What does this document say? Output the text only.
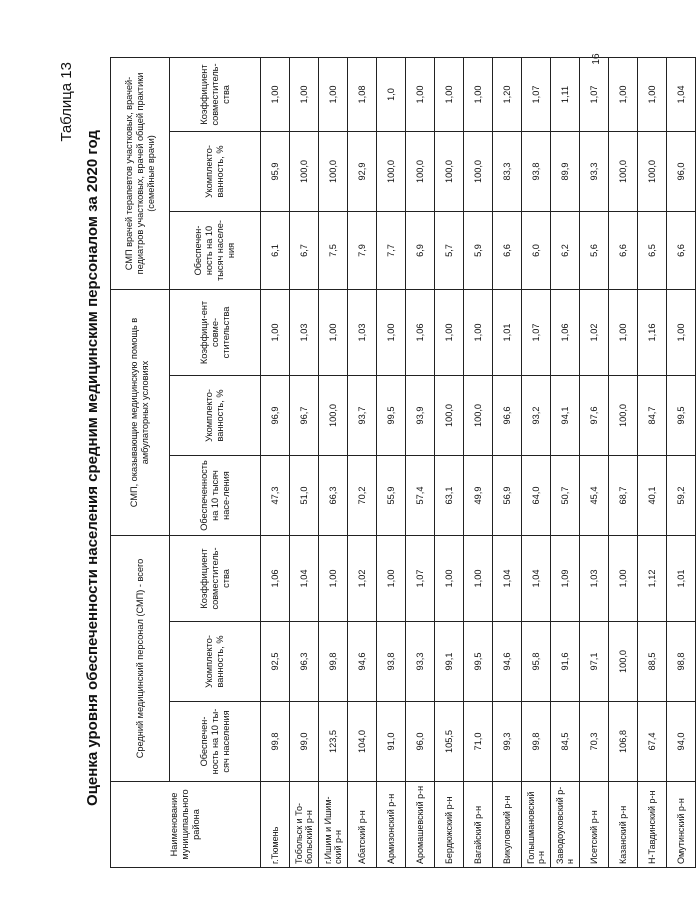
16
Таблица 13
Оценка уровня обеспеченности населения средним медицинским персоналом за 2020 год
Наименование муниципального района	Средний медицинский персонал (СМП) - всего			СМП, оказывающие медицинскую помощь в амбулаторных условиях			СМП врачей терапевтов участковых, врачей-педиатров участковых, врачей общей практики (семейные врачи)		
	Обеспечен-ность на 10 ты-сяч населения	Укомплекто-ванность, %	Коэффициент совместитель-ства	Обеспеченность на 10 тысяч насе-ления	Укомплекто-ванность, %	Коэффици-ент совме-стительства	Обеспечен-ность на 10 тысяч населе-ния	Укомплекто-ванность, %	Коэффициент совместитель-ства
г.Тюмень	99,8	92,5	1,06	47,3	96,9	1,00	6,1	95,9	1,00
Тобольск и То-больский р-н	99,0	96,3	1,04	51,0	96,7	1,03	6,7	100,0	1,00
г.Ишим и Ишим-ский р-н	123,5	99,8	1,00	66,3	100,0	1,00	7,5	100,0	1,00
Абатский р-н	104,0	94,6	1,02	70,2	93,7	1,03	7,9	92,9	1,08
Армизонский р-н	91,0	93,8	1,00	55,9	99,5	1,00	7,7	100,0	1,0
Аромашевский р-н	96,0	93,3	1,07	57,4	93,9	1,06	6,9	100,0	1,00
Бердюжский р-н	105,5	99,1	1,00	63,1	100,0	1,00	5,7	100,0	1,00
Вагайский р-н	71,0	99,5	1,00	49,9	100,0	1,00	5,9	100,0	1,00
Викуловский р-н	99,3	94,6	1,04	56,9	96,6	1,01	6,6	83,3	1,20
Голышмановский р-н	99,8	95,8	1,04	64,0	93,2	1,07	6,0	93,8	1,07
Заводоуковский р-н	84,5	91,6	1,09	50,7	94,1	1,06	6,2	89,9	1,11
Исетский р-н	70,3	97,1	1,03	45,4	97,6	1,02	5,6	93,3	1,07
Казанский р-н	106,8	100,0	1,00	68,7	100,0	1,00	6,6	100,0	1,00
Н-Тавдинский р-н	67,4	88,5	1,12	40,1	84,7	1,16	6,5	100,0	1,00
Омутинский р-н	94,0	98,8	1,01	59,2	99,5	1,00	6,6	96,0	1,04
